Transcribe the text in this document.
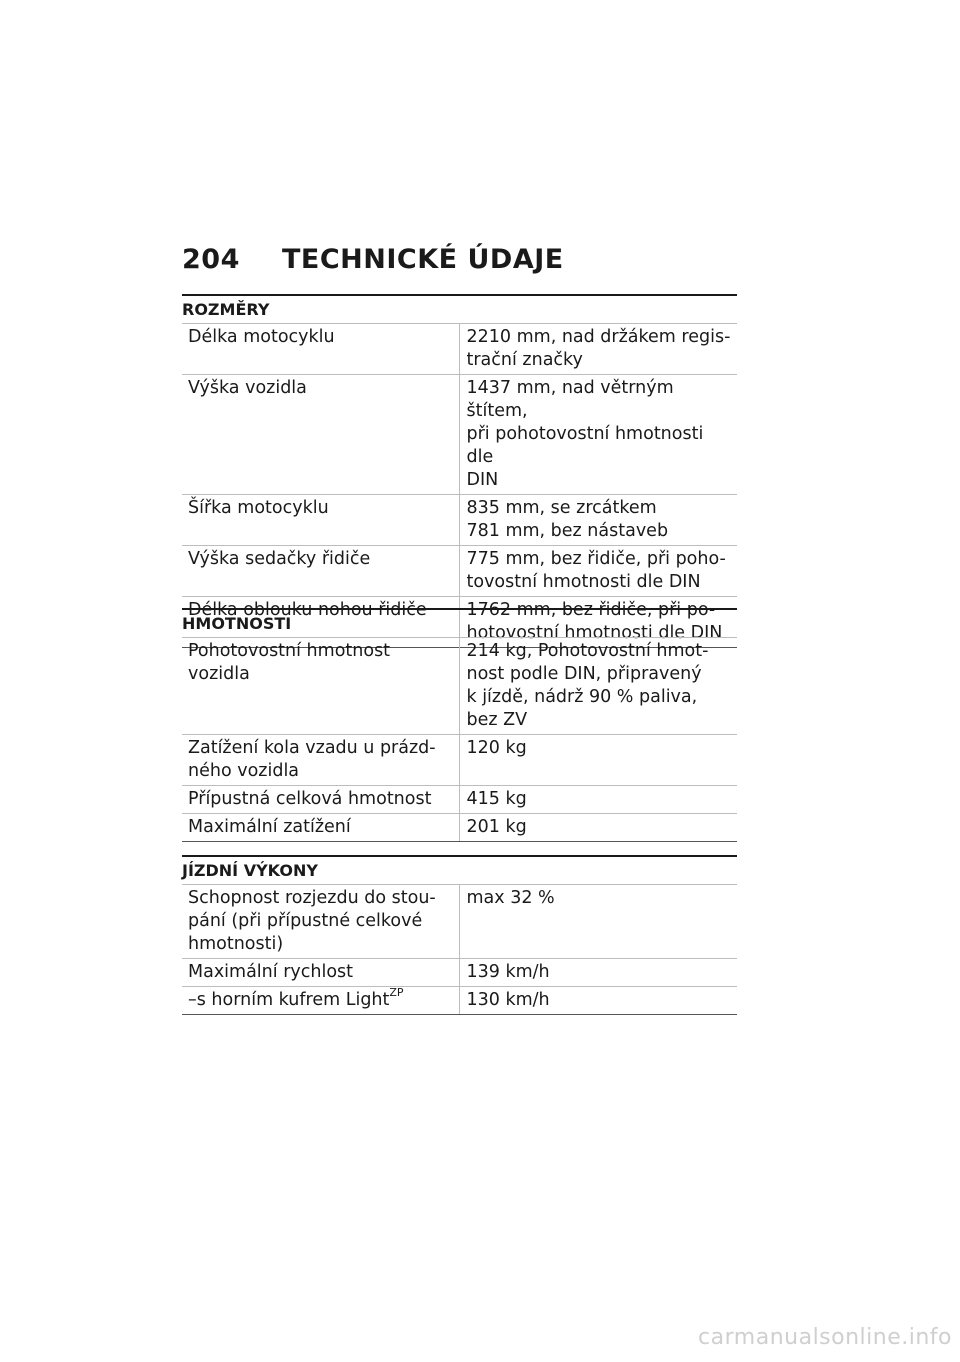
204 TECHNICKÉ ÚDAJE
ROZMĚRY
Délka motocyklu	2210 mm, nad držákem regis-
trační značky
Výška vozidla	1437 mm, nad větrným štítem,
při pohotovostní hmotnosti dle
DIN
Šířka motocyklu	835 mm, se zrcátkem
781 mm, bez nástaveb
Výška sedačky řidiče	775 mm, bez řidiče, při poho-
tovostní hmotnosti dle DIN
Délka oblouku nohou řidiče	1762 mm, bez řidiče, při po-
hotovostní hmotnosti dle DIN
HMOTNOSTI
Pohotovostní hmotnost vozidla	214 kg, Pohotovostní hmot-
nost podle DIN, připravený
k jízdě, nádrž 90 % paliva,
bez ZV
Zatížení kola vzadu u prázd-
ného vozidla	120 kg
Přípustná celková hmotnost	415 kg
Maximální zatížení	201 kg
JÍZDNÍ VÝKONY
Schopnost rozjezdu do stou-
pání (při přípustné celkové
hmotnosti)	max 32 %
Maximální rychlost	139 km/h
–s horním kufrem Light$^{ZP}$	130 km/h
carmanualsonline.info
